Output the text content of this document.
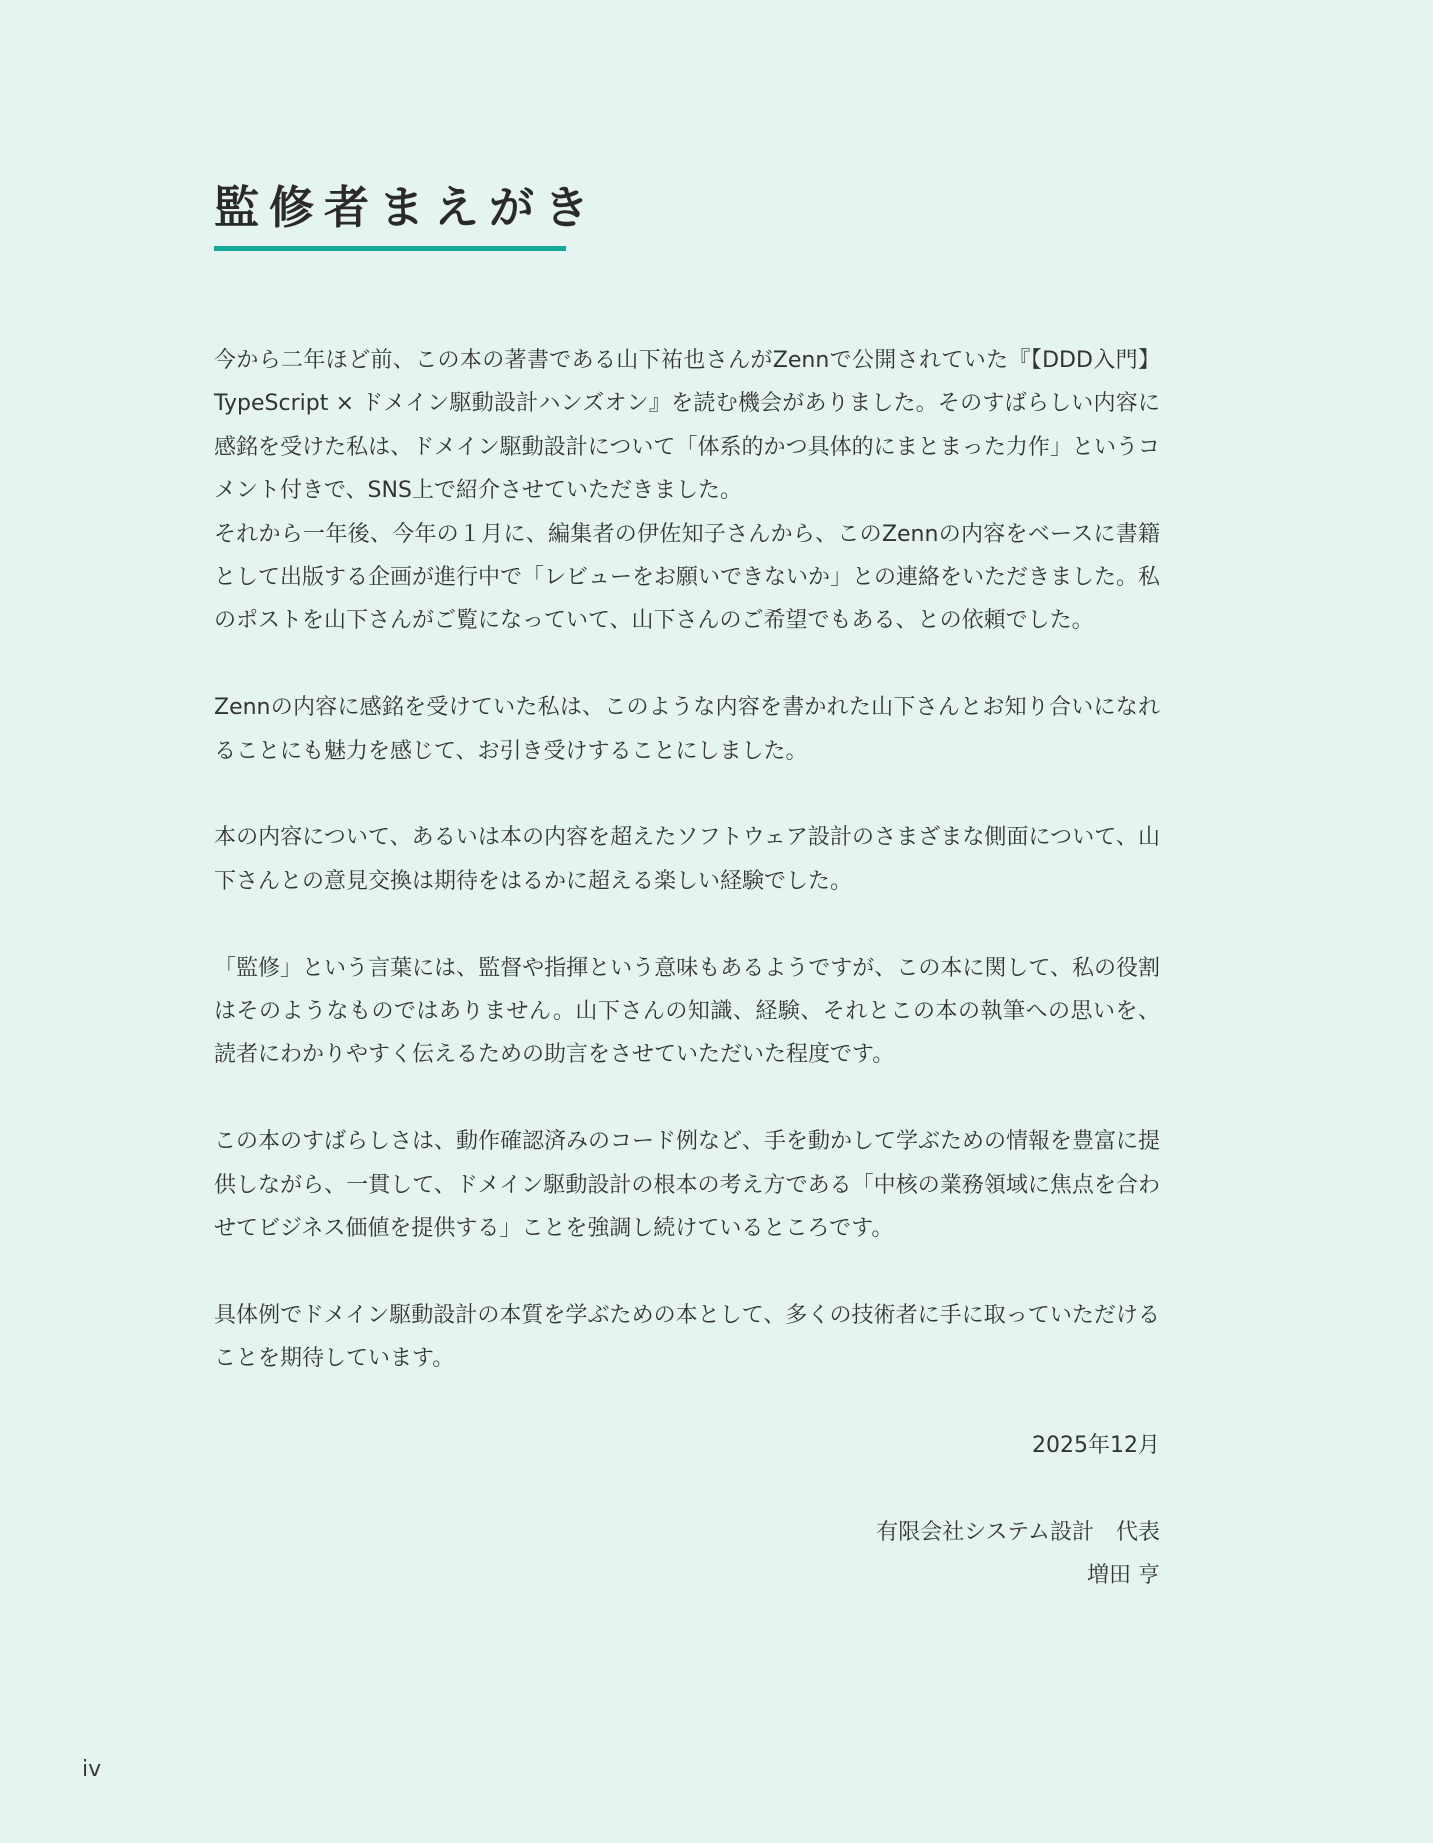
監修者まえがき

今から二年ほど前、この本の著書である山下祐也さんがZennで公開されていた『【DDD入門】TypeScript × ドメイン駆動設計ハンズオン』を読む機会がありました。そのすばらしい内容に感銘を受けた私は、ドメイン駆動設計について「体系的かつ具体的にまとまった力作」というコメント付きで、SNS上で紹介させていただきました。

それから一年後、今年の１月に、編集者の伊佐知子さんから、このZennの内容をベースに書籍として出版する企画が進行中で「レビューをお願いできないか」との連絡をいただきました。私のポストを山下さんがご覧になっていて、山下さんのご希望でもある、との依頼でした。

Zennの内容に感銘を受けていた私は、このような内容を書かれた山下さんとお知り合いになれることにも魅力を感じて、お引き受けすることにしました。

本の内容について、あるいは本の内容を超えたソフトウェア設計のさまざまな側面について、山下さんとの意見交換は期待をはるかに超える楽しい経験でした。

「監修」という言葉には、監督や指揮という意味もあるようですが、この本に関して、私の役割はそのようなものではありません。山下さんの知識、経験、それとこの本の執筆への思いを、読者にわかりやすく伝えるための助言をさせていただいた程度です。

この本のすばらしさは、動作確認済みのコード例など、手を動かして学ぶための情報を豊富に提供しながら、一貫して、ドメイン駆動設計の根本の考え方である「中核の業務領域に焦点を合わせてビジネス価値を提供する」ことを強調し続けているところです。

具体例でドメイン駆動設計の本質を学ぶための本として、多くの技術者に手に取っていただけることを期待しています。

2025年12月

有限会社システム設計　代表

増田 亨

iv
